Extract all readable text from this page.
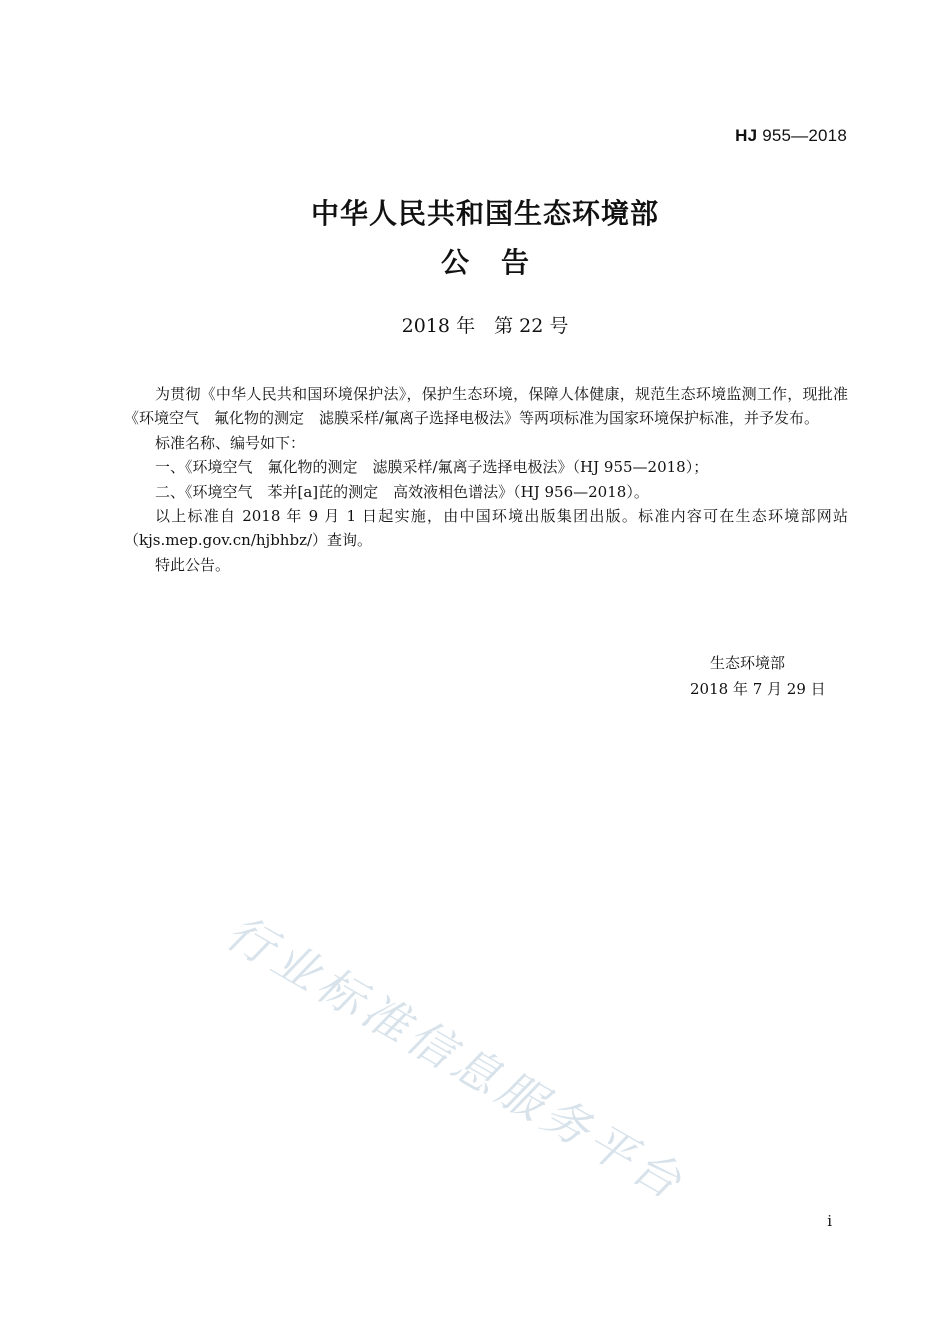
HJ 955—2018
中华人民共和国生态环境部
公告
2018 年　第 22 号

为贯彻《中华人民共和国环境保护法》，保护生态环境，保障人体健康，规范生态环境监测工作，现批准《环境空气　氟化物的测定　滤膜采样/氟离子选择电极法》等两项标准为国家环境保护标准，并予发布。

标准名称、编号如下：

一、《环境空气　氟化物的测定　滤膜采样/氟离子选择电极法》（HJ 955—2018）；

二、《环境空气　苯并[a]芘的测定　高效液相色谱法》（HJ 956—2018）。

以上标准自 2018 年 9 月 1 日起实施，由中国环境出版集团出版。标准内容可在生态环境部网站（kjs.mep.gov.cn/hjbhbz/）查询。

特此公告。

生态环境部
2018 年 7 月 29 日
行业标准信息服务平台
i
